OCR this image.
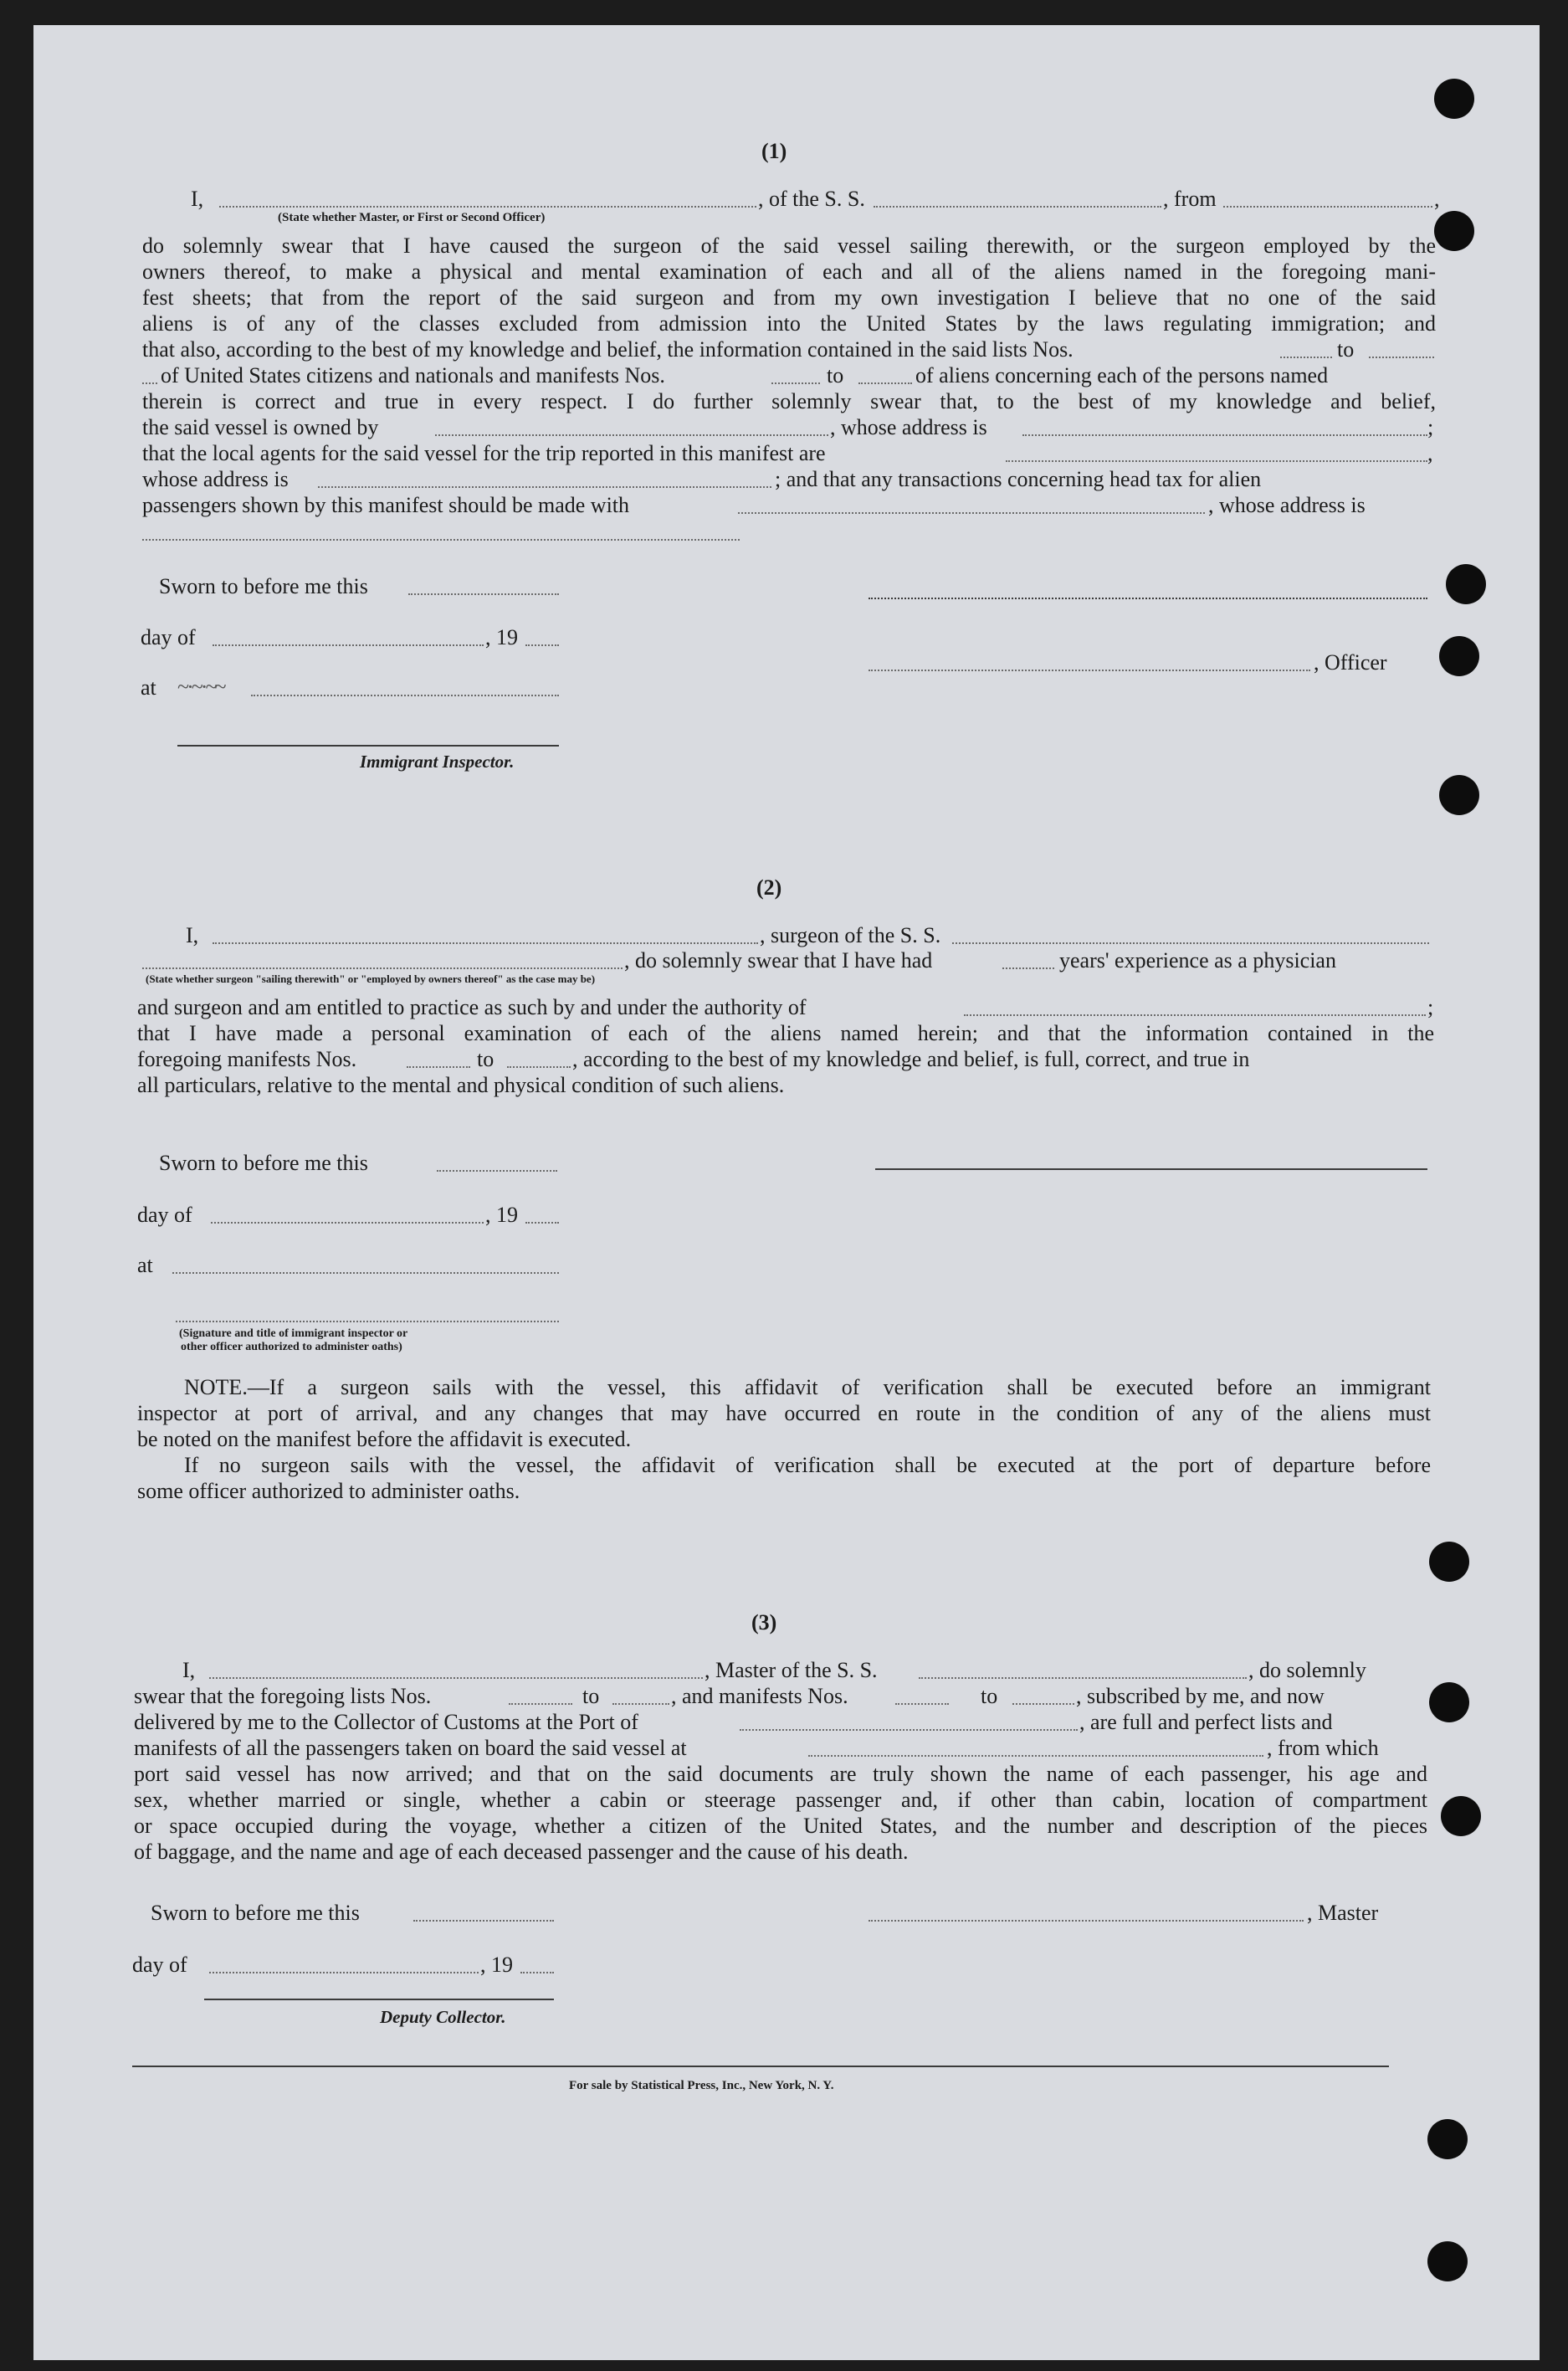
(1)
I,
(State whether Master, or First or Second Officer)
, of the S. S.	, from	,
do solemnly swear that I have caused the surgeon of the said vessel sailing therewith, or the surgeon employed by the
owners thereof, to make a physical and mental examination of each and all of the aliens named in the foregoing mani-
fest sheets; that from the report of the said surgeon and from my own investigation I believe that no one of the said
aliens is of any of the classes excluded from admission into the United States by the laws regulating immigration; and
that also, according to the best of my knowledge and belief, the information contained in the said lists Nos.	to
of United States citizens and nationals and manifests Nos.	to	of aliens concerning each of the persons named
therein is correct and true in every respect. I do further solemnly swear that, to the best of my knowledge and belief,
the said vessel is owned by	, whose address is	;
that the local agents for the said vessel for the trip reported in this manifest are	,
whose address is	; and that any transactions concerning head tax for alien
passengers shown by this manifest should be made with	, whose address is
Sworn to before me this
day of	, 19
, Officer
at ~·~·~~
Immigrant Inspector.
(2)
I,	, surgeon of the S. S.
, do solemnly swear that I have had	years' experience as a physician
(State whether surgeon "sailing therewith" or "employed by owners thereof" as the case may be)
and surgeon and am entitled to practice as such by and under the authority of	;
that I have made a personal examination of each of the aliens named herein; and that the information contained in the
foregoing manifests Nos.	to	, according to the best of my knowledge and belief, is full, correct, and true in
all particulars, relative to the mental and physical condition of such aliens.
Sworn to before me this
day of	, 19
at
(Signature and title of immigrant inspector or
other officer authorized to administer oaths)
NOTE.—If a surgeon sails with the vessel, this affidavit of verification shall be executed before an immigrant
inspector at port of arrival, and any changes that may have occurred en route in the condition of any of the aliens must
be noted on the manifest before the affidavit is executed.
If no surgeon sails with the vessel, the affidavit of verification shall be executed at the port of departure before
some officer authorized to administer oaths.
(3)
I,	, Master of the S. S.	, do solemnly
swear that the foregoing lists Nos.	to	, and manifests Nos.	to	, subscribed by me, and now
delivered by me to the Collector of Customs at the Port of	, are full and perfect lists and
manifests of all the passengers taken on board the said vessel at	, from which
port said vessel has now arrived; and that on the said documents are truly shown the name of each passenger, his age and
sex, whether married or single, whether a cabin or steerage passenger and, if other than cabin, location of compartment
or space occupied during the voyage, whether a citizen of the United States, and the number and description of the pieces
of baggage, and the name and age of each deceased passenger and the cause of his death.
Sworn to before me this	, Master
day of	, 19
Deputy Collector.
For sale by Statistical Press, Inc., New York, N. Y.
